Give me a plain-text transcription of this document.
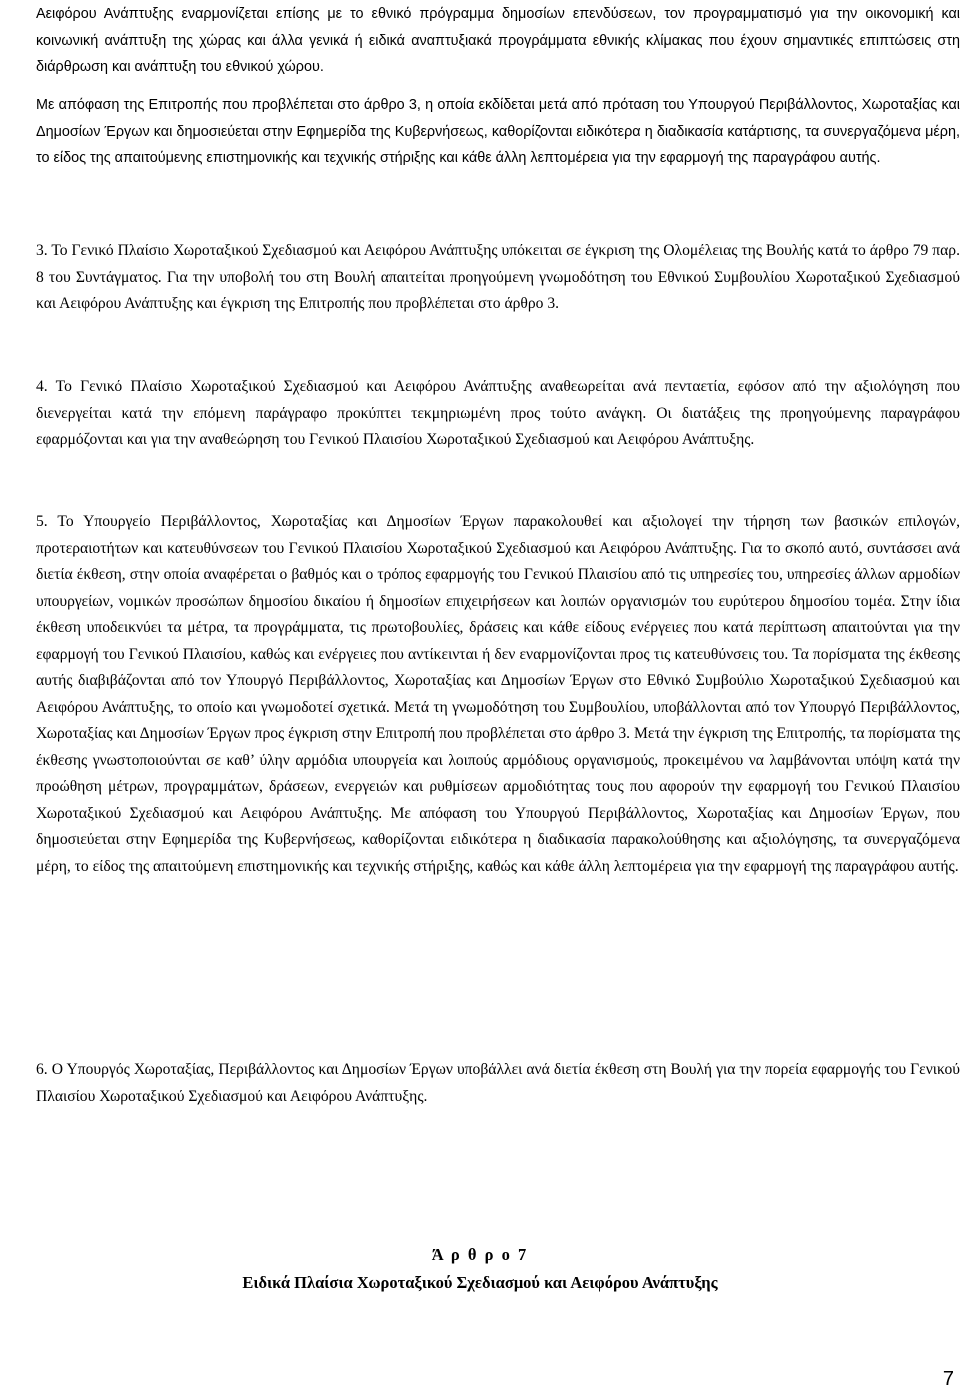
Αειφόρου Ανάπτυξης εναρμονίζεται επίσης με το εθνικό πρόγραμμα δημοσίων επενδύσεων, τον προγραμματισμό για την οικονομική και κοινωνική ανάπτυξη της χώρας και άλλα γενικά ή ειδικά αναπτυξιακά προγράμματα εθνικής κλίμακας που έχουν σημαντικές επιπτώσεις στη διάρθρωση και ανάπτυξη του εθνικού χώρου.

Με απόφαση της Επιτροπής που προβλέπεται στο άρθρο 3, η οποία εκδίδεται μετά από πρόταση του Υπουργού Περιβάλλοντος, Χωροταξίας και Δημοσίων Έργων και δημοσιεύεται στην Εφημερίδα της Κυβερνήσεως, καθορίζονται ειδικότερα η διαδικασία κατάρτισης, τα συνεργαζόμενα μέρη, το είδος της απαιτούμενης επιστημονικής και τεχνικής στήριξης και κάθε άλλη λεπτομέρεια για την εφαρμογή της παραγράφου αυτής.

3. Το Γενικό Πλαίσιο Χωροταξικού Σχεδιασμού και Αειφόρου Ανάπτυξης υπόκειται σε έγκριση της Ολομέλειας της Βουλής κατά το άρθρο 79 παρ. 8 του Συντάγματος. Για την υποβολή του στη Βουλή απαιτείται προηγούμενη γνωμοδότηση του Εθνικού Συμβουλίου Χωροταξικού Σχεδιασμού και Αειφόρου Ανάπτυξης και έγκριση της Επιτροπής που προβλέπεται στο άρθρο 3.

4. Το Γενικό Πλαίσιο Χωροταξικού Σχεδιασμού και Αειφόρου Ανάπτυξης αναθεωρείται ανά πενταετία, εφόσον από την αξιολόγηση που διενεργείται κατά την επόμενη παράγραφο προκύπτει τεκμηριωμένη προς τούτο ανάγκη. Οι διατάξεις της προηγούμενης παραγράφου εφαρμόζονται και για την αναθεώρηση του Γενικού Πλαισίου Χωροταξικού Σχεδιασμού και Αειφόρου Ανάπτυξης.

5. Το Υπουργείο Περιβάλλοντος, Χωροταξίας και Δημοσίων Έργων παρακολουθεί και αξιολογεί την τήρηση των βασικών επιλογών, προτεραιοτήτων και κατευθύνσεων του Γενικού Πλαισίου Χωροταξικού Σχεδιασμού και Αειφόρου Ανάπτυξης. Για το σκοπό αυτό, συντάσσει ανά διετία έκθεση, στην οποία αναφέρεται ο βαθμός και ο τρόπος εφαρμογής του Γενικού Πλαισίου από τις υπηρεσίες του, υπηρεσίες άλλων αρμοδίων υπουργείων, νομικών προσώπων δημοσίου δικαίου ή δημοσίων επιχειρήσεων και λοιπών οργανισμών του ευρύτερου δημοσίου τομέα. Στην ίδια έκθεση υποδεικνύει τα μέτρα, τα προγράμματα, τις πρωτοβουλίες, δράσεις και κάθε είδους ενέργειες που κατά περίπτωση απαιτούνται για την εφαρμογή του Γενικού Πλαισίου, καθώς και ενέργειες που αντίκεινται ή δεν εναρμονίζονται προς τις κατευθύνσεις του. Τα πορίσματα της έκθεσης αυτής διαβιβάζονται από τον Υπουργό Περιβάλλοντος, Χωροταξίας και Δημοσίων Έργων στο Εθνικό Συμβούλιο Χωροταξικού Σχεδιασμού και Αειφόρου Ανάπτυξης, το οποίο και γνωμοδοτεί σχετικά. Μετά τη γνωμοδότηση του Συμβουλίου, υποβάλλονται από τον Υπουργό Περιβάλλοντος, Χωροταξίας και Δημοσίων Έργων προς έγκριση στην Επιτροπή που προβλέπεται στο άρθρο 3. Μετά την έγκριση της Επιτροπής, τα πορίσματα της έκθεσης γνωστοποιούνται σε καθ’ ύλην αρμόδια υπουργεία και λοιπούς αρμόδιους οργανισμούς, προκειμένου να λαμβάνονται υπόψη κατά την προώθηση μέτρων, προγραμμάτων, δράσεων, ενεργειών και ρυθμίσεων αρμοδιότητας τους που αφορούν την εφαρμογή του Γενικού Πλαισίου Χωροταξικού Σχεδιασμού και Αειφόρου Ανάπτυξης. Με απόφαση του Υπουργού Περιβάλλοντος, Χωροταξίας και Δημοσίων Έργων, που δημοσιεύεται στην Εφημερίδα της Κυβερνήσεως, καθορίζονται ειδικότερα η διαδικασία παρακολούθησης και αξιολόγησης, τα συνεργαζόμενα μέρη, το είδος της απαιτούμενη επιστημονικής και τεχνικής στήριξης, καθώς και κάθε άλλη λεπτομέρεια για την εφαρμογή της παραγράφου αυτής.

6. Ο Υπουργός Χωροταξίας, Περιβάλλοντος και Δημοσίων Έργων υποβάλλει ανά διετία έκθεση στη Βουλή για την πορεία εφαρμογής του Γενικού Πλαισίου Χωροταξικού Σχεδιασμού και Αειφόρου Ανάπτυξης.

Ά ρ θ ρ ο 7

Ειδικά Πλαίσια Χωροταξικού Σχεδιασμού και Αειφόρου Ανάπτυξης

7
